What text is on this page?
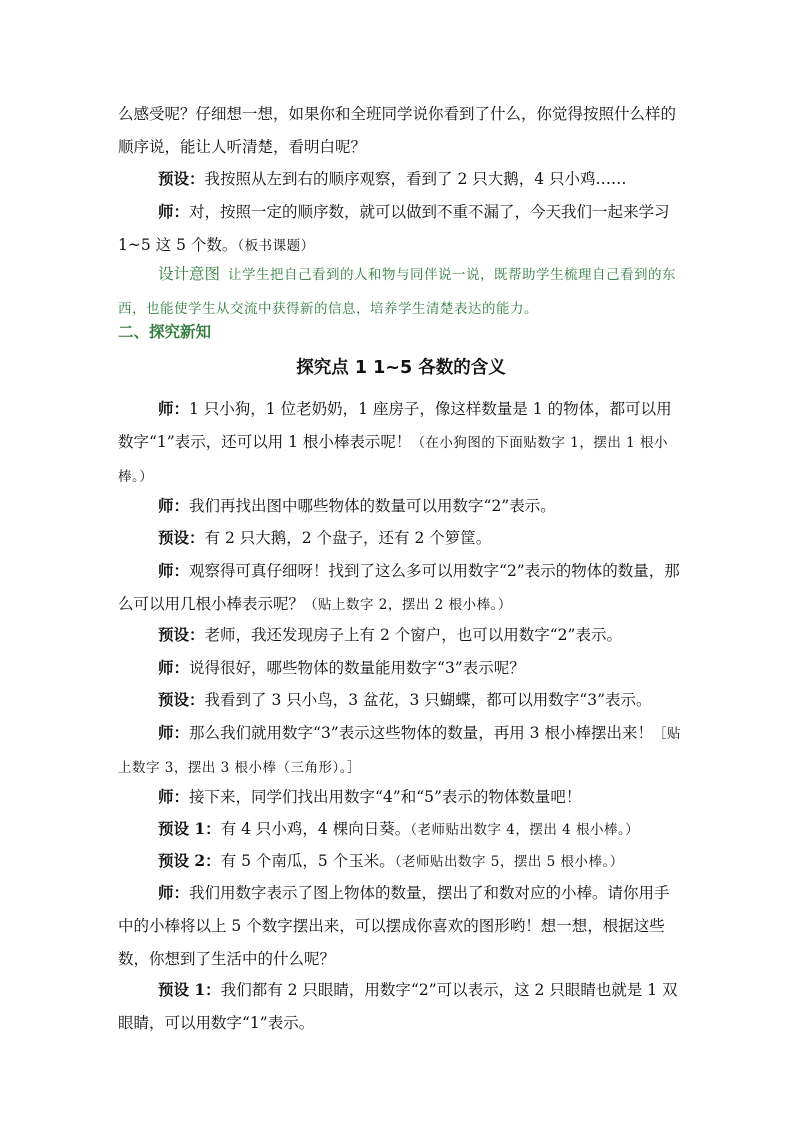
么感受呢？仔细想一想，如果你和全班同学说你看到了什么，你觉得按照什么样的顺序说，能让人听清楚，看明白呢？

预设：我按照从左到右的顺序观察，看到了 2 只大鹅，4 只小鸡……

师：对，按照一定的顺序数，就可以做到不重不漏了，今天我们一起来学习 1~5 这 5 个数。（板书课题）

设计意图 让学生把自己看到的人和物与同伴说一说，既帮助学生梳理自己看到的东西，也能使学生从交流中获得新的信息，培养学生清楚表达的能力。

二、探究新知
探究点 1 1~5 各数的含义

师：1 只小狗，1 位老奶奶，1 座房子，像这样数量是 1 的物体，都可以用数字“1”表示，还可以用 1 根小棒表示呢！（在小狗图的下面贴数字 1，摆出 1 根小棒。）

师：我们再找出图中哪些物体的数量可以用数字“2”表示。

预设：有 2 只大鹅，2 个盘子，还有 2 个箩筐。

师：观察得可真仔细呀！找到了这么多可以用数字“2”表示的物体的数量，那么可以用几根小棒表示呢？（贴上数字 2，摆出 2 根小棒。）

预设：老师，我还发现房子上有 2 个窗户，也可以用数字“2”表示。

师：说得很好，哪些物体的数量能用数字“3”表示呢？

预设：我看到了 3 只小鸟，3 盆花，3 只蝴蝶，都可以用数字“3”表示。

师：那么我们就用数字“3”表示这些物体的数量，再用 3 根小棒摆出来！［贴上数字 3，摆出 3 根小棒（三角形）。］

师：接下来，同学们找出用数字“4”和“5”表示的物体数量吧！

预设 1：有 4 只小鸡，4 棵向日葵。（老师贴出数字 4，摆出 4 根小棒。）

预设 2：有 5 个南瓜，5 个玉米。（老师贴出数字 5，摆出 5 根小棒。）

师：我们用数字表示了图上物体的数量，摆出了和数对应的小棒。请你用手中的小棒将以上 5 个数字摆出来，可以摆成你喜欢的图形哟！想一想，根据这些数，你想到了生活中的什么呢？

预设 1：我们都有 2 只眼睛，用数字“2”可以表示，这 2 只眼睛也就是 1 双眼睛，可以用数字“1”表示。
